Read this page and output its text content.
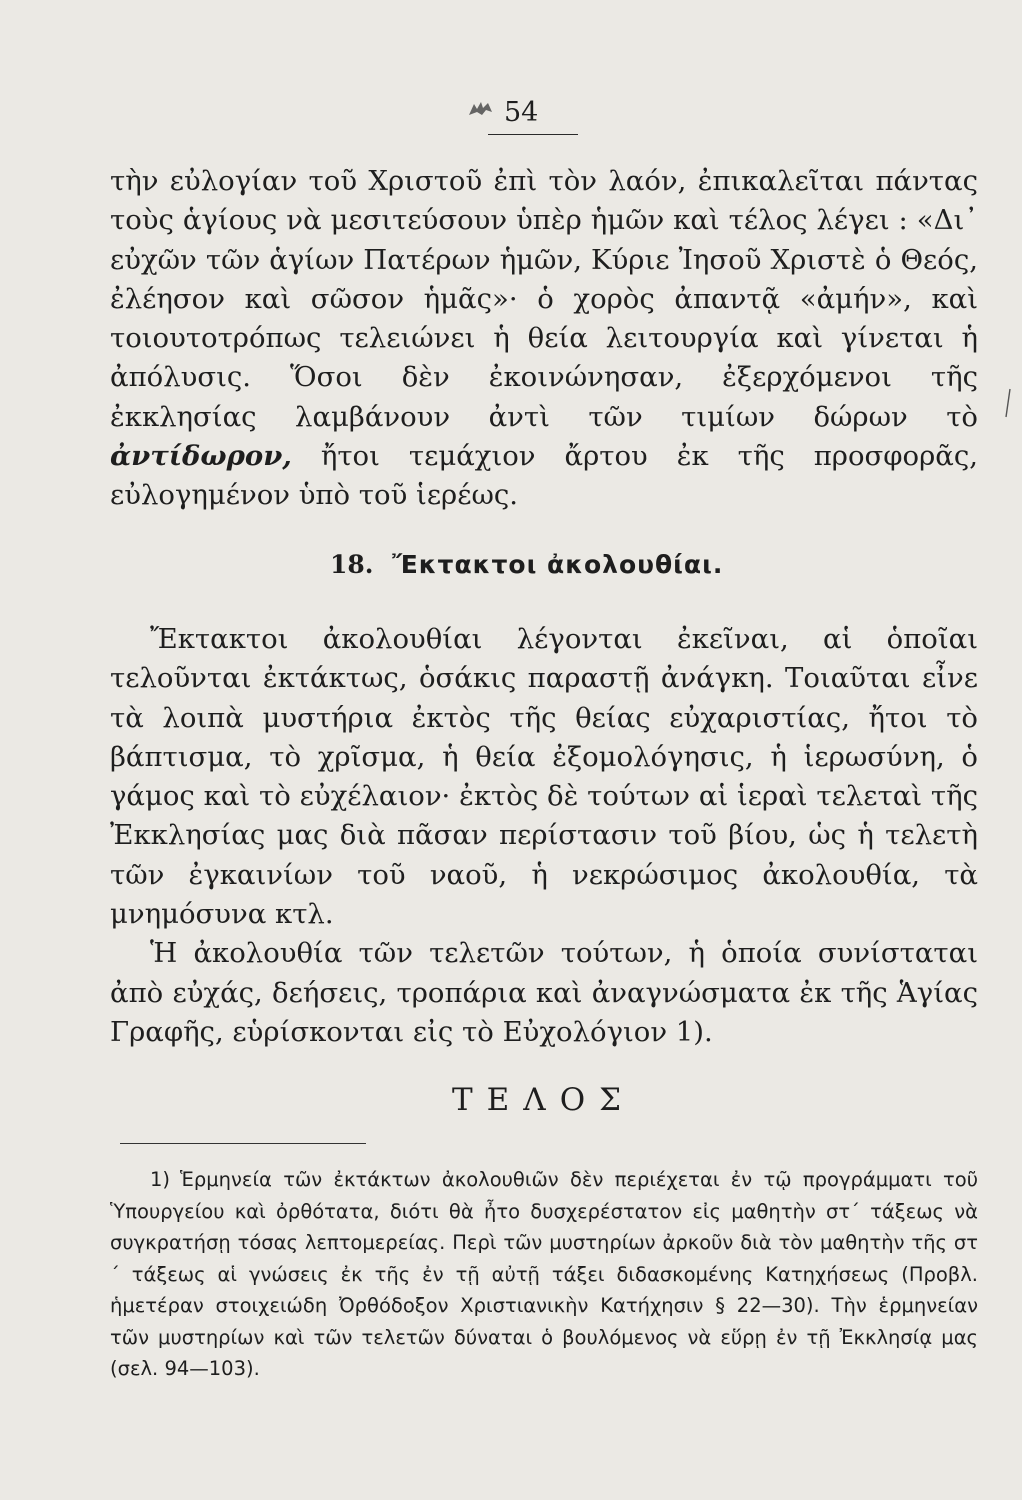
54

τὴν εὐλογίαν τοῦ Χριστοῦ ἐπὶ τὸν λαόν, ἐπικαλεῖται πάντας τοὺς ἁγίους νὰ μεσιτεύσουν ὑπὲρ ἡμῶν καὶ τέλος λέγει : «Δι᾽ εὐχῶν τῶν ἁγίων Πατέρων ἡμῶν, Κύριε Ἰησοῦ Χριστὲ ὁ Θεός, ἐλέησον καὶ σῶσον ἡμᾶς»· ὁ χορὸς ἀπαντᾷ «ἀμήν», καὶ τοιουτοτρόπως τελειώνει ἡ θεία λειτουργία καὶ γίνεται ἡ ἀπόλυσις. Ὅσοι δὲν ἐκοινώνησαν, ἐξερχόμενοι τῆς ἐκκλησίας λαμβάνουν ἀντὶ τῶν τιμίων δώρων τὸ ἀντίδωρον, ἤτοι τεμάχιον ἄρτου ἐκ τῆς προσφορᾶς, εὐλογημένον ὑπὸ τοῦ ἱερέως.

18. Ἔκτακτοι ἀκολουθίαι.

Ἔκτακτοι ἀκολουθίαι λέγονται ἐκεῖναι, αἱ ὁποῖαι τελοῦνται ἐκτάκτως, ὁσάκις παραστῇ ἀνάγκη. Τοιαῦται εἶνε τὰ λοιπὰ μυστήρια ἐκτὸς τῆς θείας εὐχαριστίας, ἤτοι τὸ βάπτισμα, τὸ χρῖσμα, ἡ θεία ἐξομολόγησις, ἡ ἱερωσύνη, ὁ γάμος καὶ τὸ εὐχέλαιον· ἐκτὸς δὲ τούτων αἱ ἱεραὶ τελεταὶ τῆς Ἐκκλησίας μας διὰ πᾶσαν περίστασιν τοῦ βίου, ὡς ἡ τελετὴ τῶν ἐγκαινίων τοῦ ναοῦ, ἡ νεκρώσιμος ἀκολουθία, τὰ μνημόσυνα κτλ.

Ἡ ἀκολουθία τῶν τελετῶν τούτων, ἡ ὁποία συνίσταται ἀπὸ εὐχάς, δεήσεις, τροπάρια καὶ ἀναγνώσματα ἐκ τῆς Ἁγίας Γραφῆς, εὑρίσκονται εἰς τὸ Εὐχολόγιον 1).

ΤΕΛΟΣ

1) Ἑρμηνεία τῶν ἐκτάκτων ἀκολουθιῶν δὲν περιέχεται ἐν τῷ προγράμματι τοῦ Ὑπουργείου καὶ ὀρθότατα, διότι θὰ ἦτο δυσχερέστατον εἰς μαθητὴν στ´ τάξεως νὰ συγκρατήσῃ τόσας λεπτομερείας. Περὶ τῶν μυστηρίων ἀρκοῦν διὰ τὸν μαθητὴν τῆς στ´ τάξεως αἱ γνώσεις ἐκ τῆς ἐν τῇ αὐτῇ τάξει διδασκομένης Κατηχήσεως (Προβλ. ἡμετέραν στοιχειώδη Ὀρθόδοξον Χριστιανικὴν Κατήχησιν § 22—30). Τὴν ἑρμηνείαν τῶν μυστηρίων καὶ τῶν τελετῶν δύναται ὁ βουλόμενος νὰ εὕρῃ ἐν τῇ Ἐκκλησίᾳ μας (σελ. 94—103).
